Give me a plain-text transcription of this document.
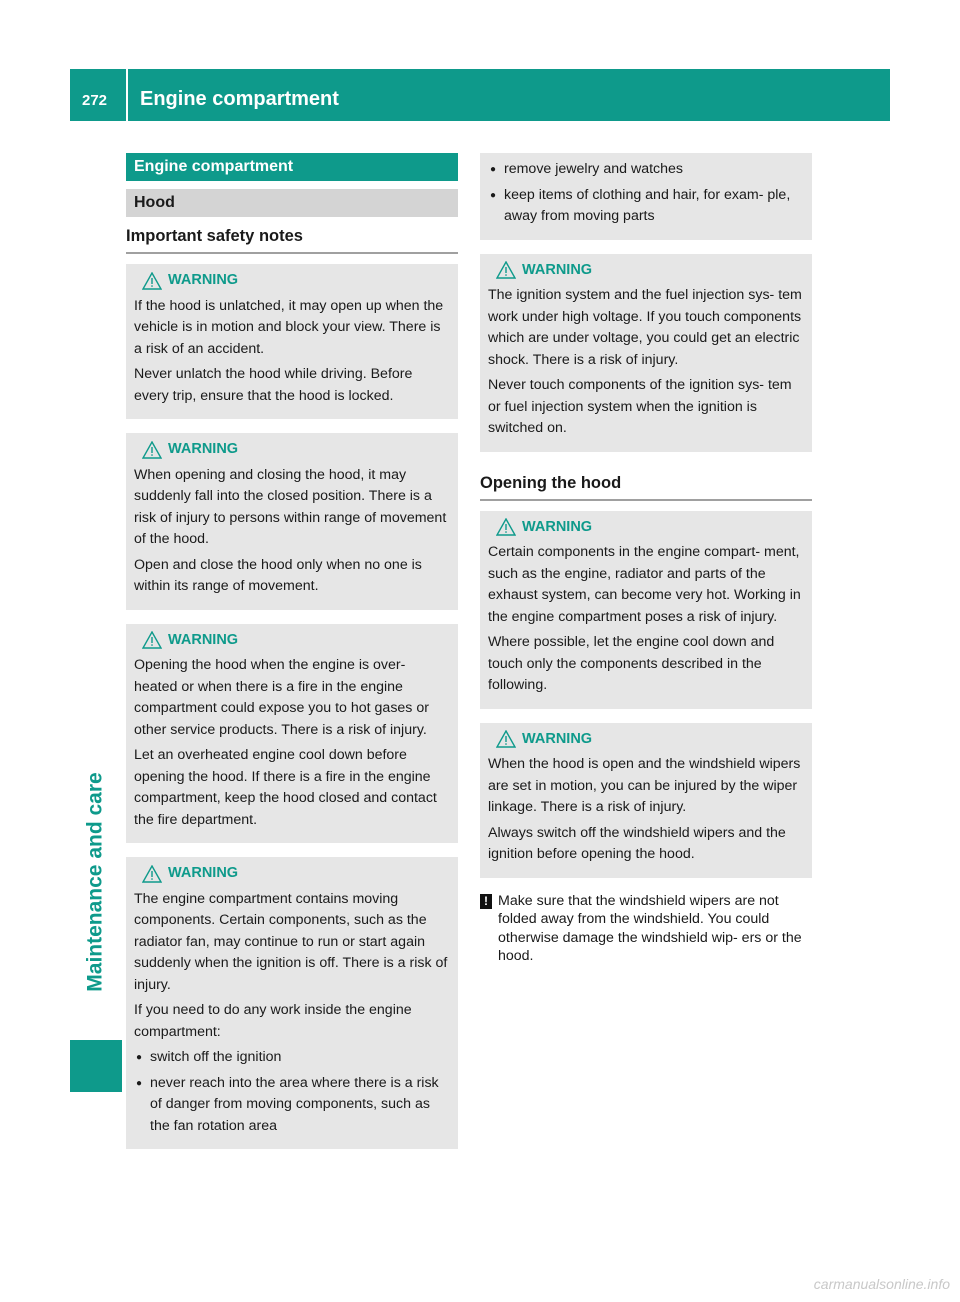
272	Engine compartment
Maintenance and care
Engine compartment
Hood
Important safety notes
WARNING

If the hood is unlatched, it may open up when the vehicle is in motion and block your view. There is a risk of an accident.

Never unlatch the hood while driving. Before every trip, ensure that the hood is locked.

WARNING

When opening and closing the hood, it may suddenly fall into the closed position. There is a risk of injury to persons within range of movement of the hood.

Open and close the hood only when no one is within its range of movement.

WARNING

Opening the hood when the engine is over- heated or when there is a fire in the engine compartment could expose you to hot gases or other service products. There is a risk of injury.

Let an overheated engine cool down before opening the hood. If there is a fire in the engine compartment, keep the hood closed and contact the fire department.

WARNING

The engine compartment contains moving components. Certain components, such as the radiator fan, may continue to run or start again suddenly when the ignition is off. There is a risk of injury.

If you need to do any work inside the engine compartment:

● switch off the ignition
● never reach into the area where there is a risk of danger from moving components, such as the fan rotation area
● remove jewelry and watches
● keep items of clothing and hair, for exam- ple, away from moving parts
WARNING

The ignition system and the fuel injection sys- tem work under high voltage. If you touch components which are under voltage, you could get an electric shock. There is a risk of injury.

Never touch components of the ignition sys- tem or fuel injection system when the ignition is switched on.

Opening the hood
WARNING

Certain components in the engine compart- ment, such as the engine, radiator and parts of the exhaust system, can become very hot. Working in the engine compartment poses a risk of injury.

Where possible, let the engine cool down and touch only the components described in the following.

WARNING

When the hood is open and the windshield wipers are set in motion, you can be injured by the wiper linkage. There is a risk of injury.

Always switch off the windshield wipers and the ignition before opening the hood.

! Make sure that the windshield wipers are not folded away from the windshield. You could otherwise damage the windshield wip- ers or the hood.
carmanualsonline.info
